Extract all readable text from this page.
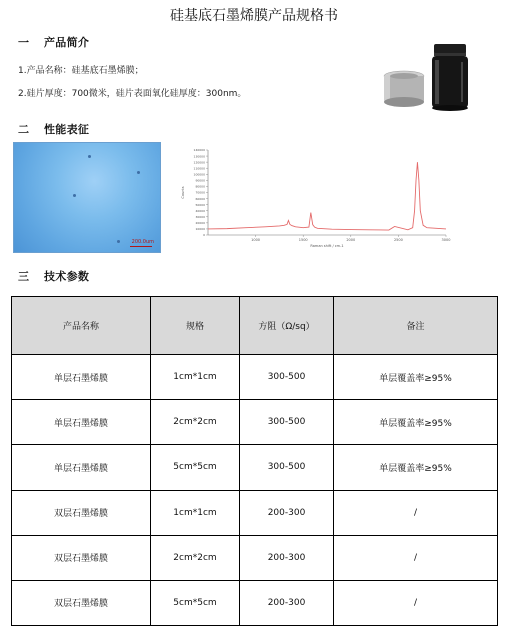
硅基底石墨烯膜产品规格书
一 产品简介
1.产品名称：硅基底石墨烯膜；
2.硅片厚度：700微米，硅片表面氧化硅厚度：300nm。
二 性能表征
200.0um
0
10000
20000
30000
40000
50000
60000
70000
80000
90000
100000
110000
120000
130000
140000
1000	1500	2000	2500	3000
Raman shift / cm-1
Counts
三 技术参数
产品名称	规格	方阻（Ω/sq）	备注
单层石墨烯膜	1cm*1cm	300-500	单层覆盖率≥95%
单层石墨烯膜	2cm*2cm	300-500	单层覆盖率≥95%
单层石墨烯膜	5cm*5cm	300-500	单层覆盖率≥95%
双层石墨烯膜	1cm*1cm	200-300	/
双层石墨烯膜	2cm*2cm	200-300	/
双层石墨烯膜	5cm*5cm	200-300	/
